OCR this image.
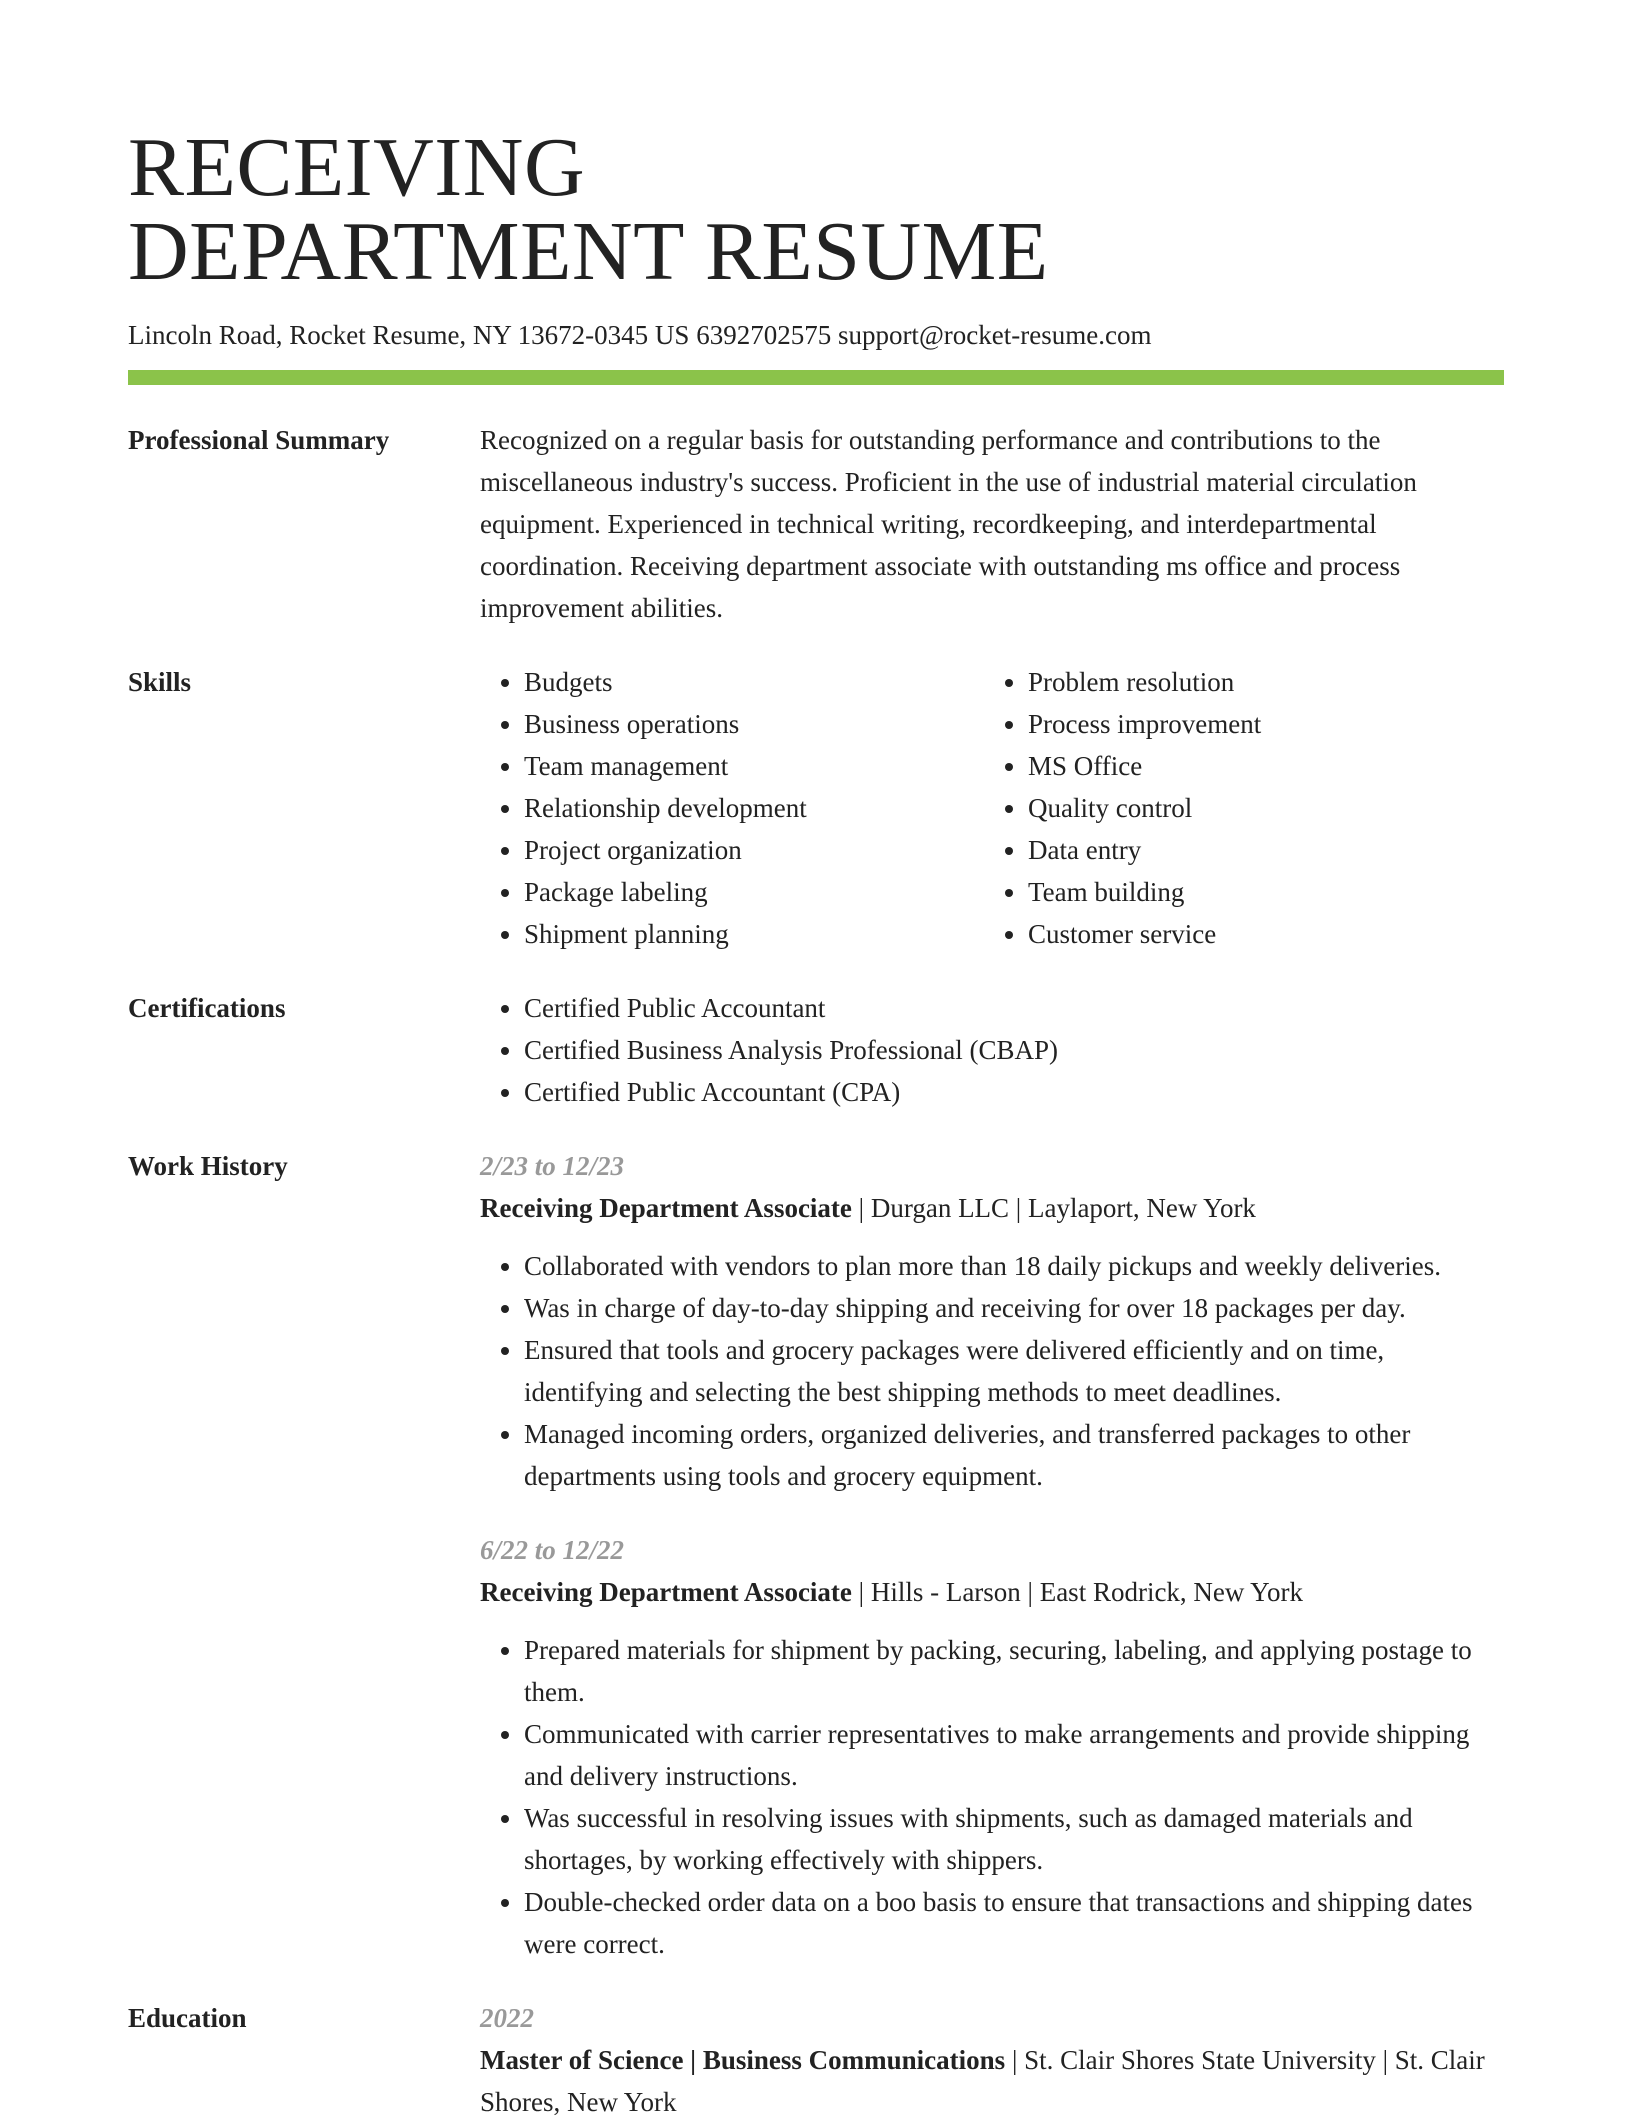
RECEIVING
DEPARTMENT RESUME
Lincoln Road, Rocket Resume, NY 13672-0345 US 6392702575 support@rocket-resume.com
Professional Summary	Recognized on a regular basis for outstanding performance and contributions to the miscellaneous industry's success. Proficient in the use of industrial material circulation equipment. Experienced in technical writing, recordkeeping, and interdepartmental coordination. Receiving department associate with outstanding ms office and process improvement abilities.

Skills	• Budgets
• Business operations
• Team management
• Relationship development
• Project organization
• Package labeling
• Shipment planning
• Problem resolution
• Process improvement
• MS Office
• Quality control
• Data entry
• Team building
• Customer service
Certifications	• Certified Public Accountant
• Certified Business Analysis Professional (CBAP)
• Certified Public Accountant (CPA)
Work History	2/23 to 12/23
Receiving Department Associate | Durgan LLC | Laylaport, New York
• Collaborated with vendors to plan more than 18 daily pickups and weekly deliveries.
• Was in charge of day-to-day shipping and receiving for over 18 packages per day.
• Ensured that tools and grocery packages were delivered efficiently and on time, identifying and selecting the best shipping methods to meet deadlines.
• Managed incoming orders, organized deliveries, and transferred packages to other departments using tools and grocery equipment.
6/22 to 12/22
Receiving Department Associate | Hills - Larson | East Rodrick, New York
• Prepared materials for shipment by packing, securing, labeling, and applying postage to them.
• Communicated with carrier representatives to make arrangements and provide shipping and delivery instructions.
• Was successful in resolving issues with shipments, such as damaged materials and shortages, by working effectively with shippers.
• Double-checked order data on a boo basis to ensure that transactions and shipping dates were correct.
Education	2022
Master of Science | Business Communications | St. Clair Shores State University | St. Clair Shores, New York
